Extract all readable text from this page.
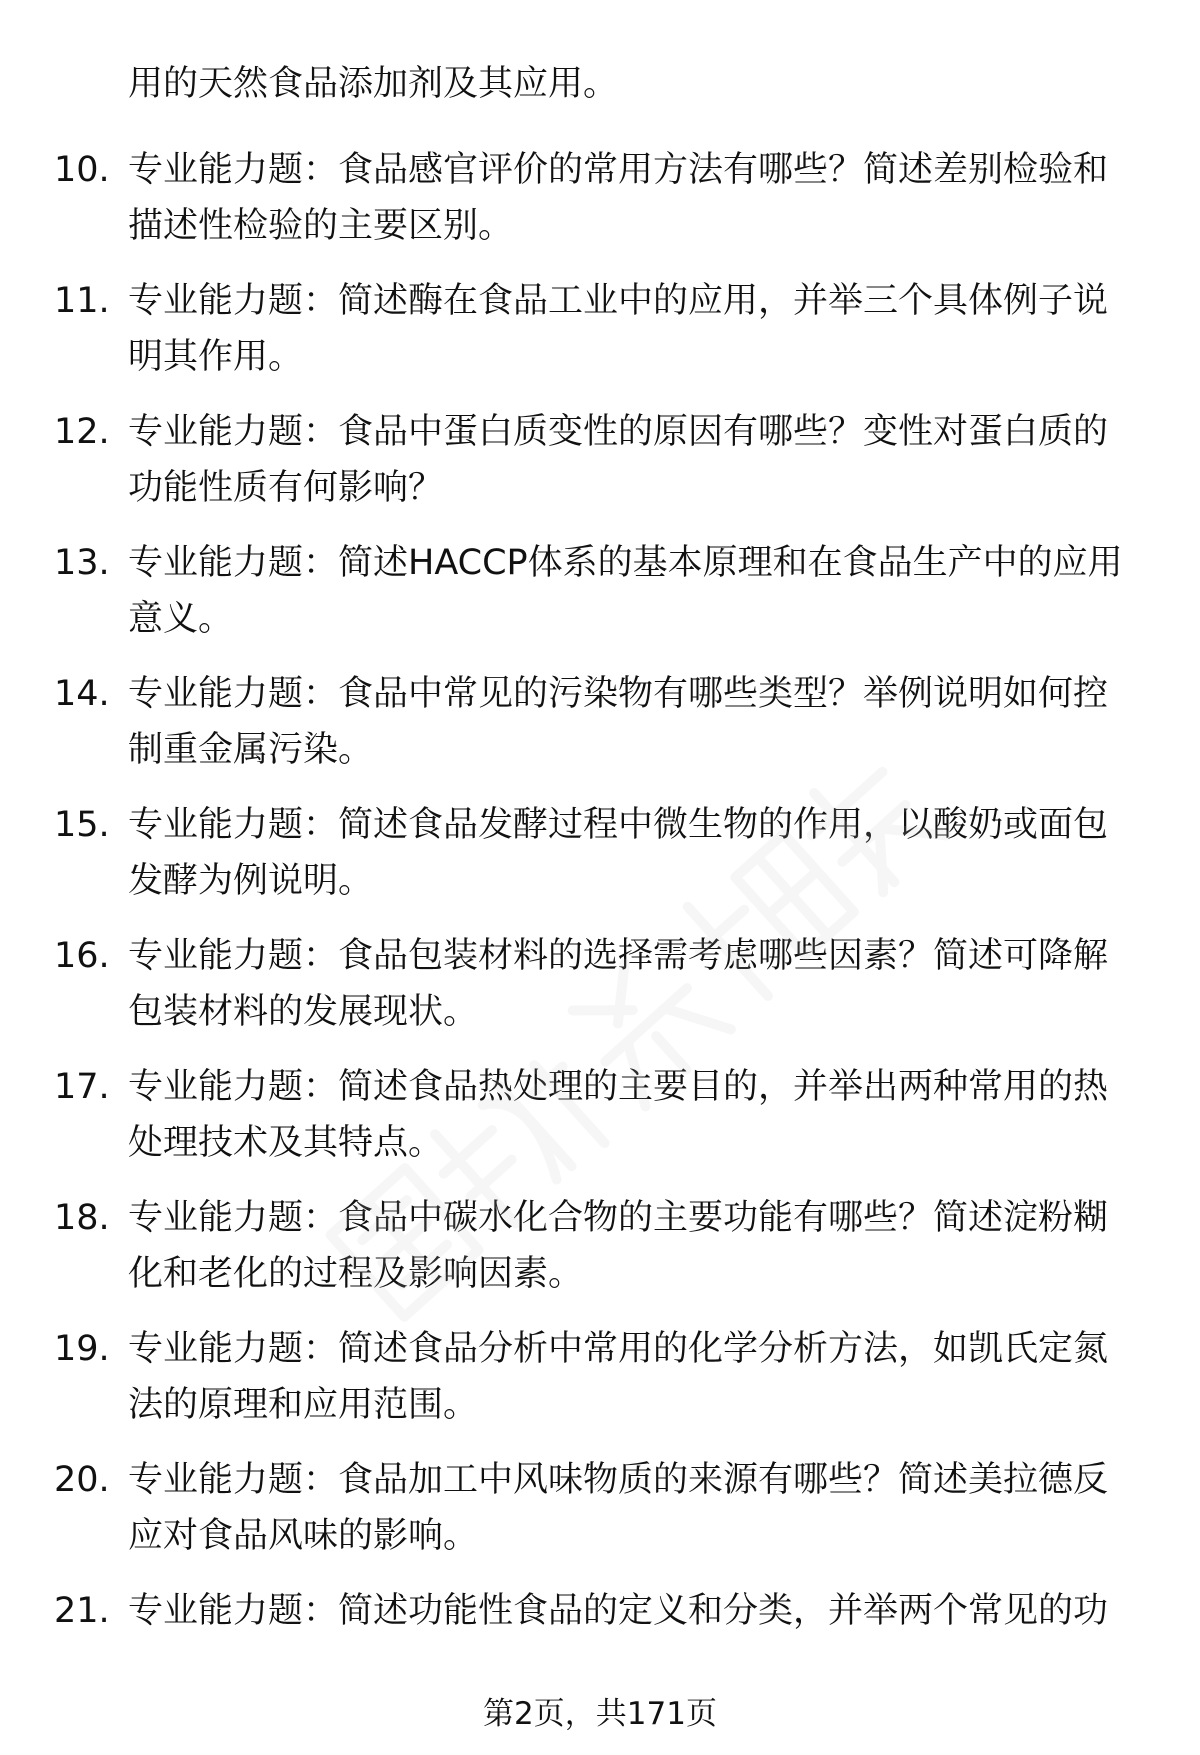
用的天然食品添加剂及其应用。
10. 专业能力题：食品感官评价的常用方法有哪些？简述差别检验和描述性检验的主要区别。
11. 专业能力题：简述酶在食品工业中的应用，并举三个具体例子说明其作用。
12. 专业能力题：食品中蛋白质变性的原因有哪些？变性对蛋白质的功能性质有何影响？
13. 专业能力题：简述HACCP体系的基本原理和在食品生产中的应用意义。
14. 专业能力题：食品中常见的污染物有哪些类型？举例说明如何控制重金属污染。
15. 专业能力题：简述食品发酵过程中微生物的作用，以酸奶或面包发酵为例说明。
16. 专业能力题：食品包装材料的选择需考虑哪些因素？简述可降解包装材料的发展现状。
17. 专业能力题：简述食品热处理的主要目的，并举出两种常用的热处理技术及其特点。
18. 专业能力题：食品中碳水化合物的主要功能有哪些？简述淀粉糊化和老化的过程及影响因素。
19. 专业能力题：简述食品分析中常用的化学分析方法，如凯氏定氮法的原理和应用范围。
20. 专业能力题：食品加工中风味物质的来源有哪些？简述美拉德反应对食品风味的影响。
21. 专业能力题：简述功能性食品的定义和分类，并举两个常见的功
第2页，共171页
